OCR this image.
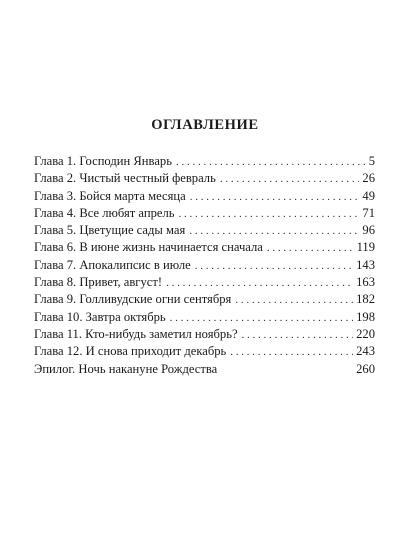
ОГЛАВЛЕНИЕ
Глава 1. Господин Январь . . .	5
Глава 2. Чистый честный февраль . . .	26
Глава 3. Бойся марта месяца . . .	49
Глава 4. Все любят апрель . . .	71
Глава 5. Цветущие сады мая . . .	96
Глава 6. В июне жизнь начинается сначала . . .	119
Глава 7. Апокалипсис в июле . . .	143
Глава 8. Привет, август! . . .	163
Глава 9. Голливудские огни сентября . . .	182
Глава 10. Завтра октябрь . . .	198
Глава 11. Кто-нибудь заметил ноябрь? . . .	220
Глава 12. И снова приходит декабрь . . .	243
Эпилог. Ночь накануне Рождества	260
